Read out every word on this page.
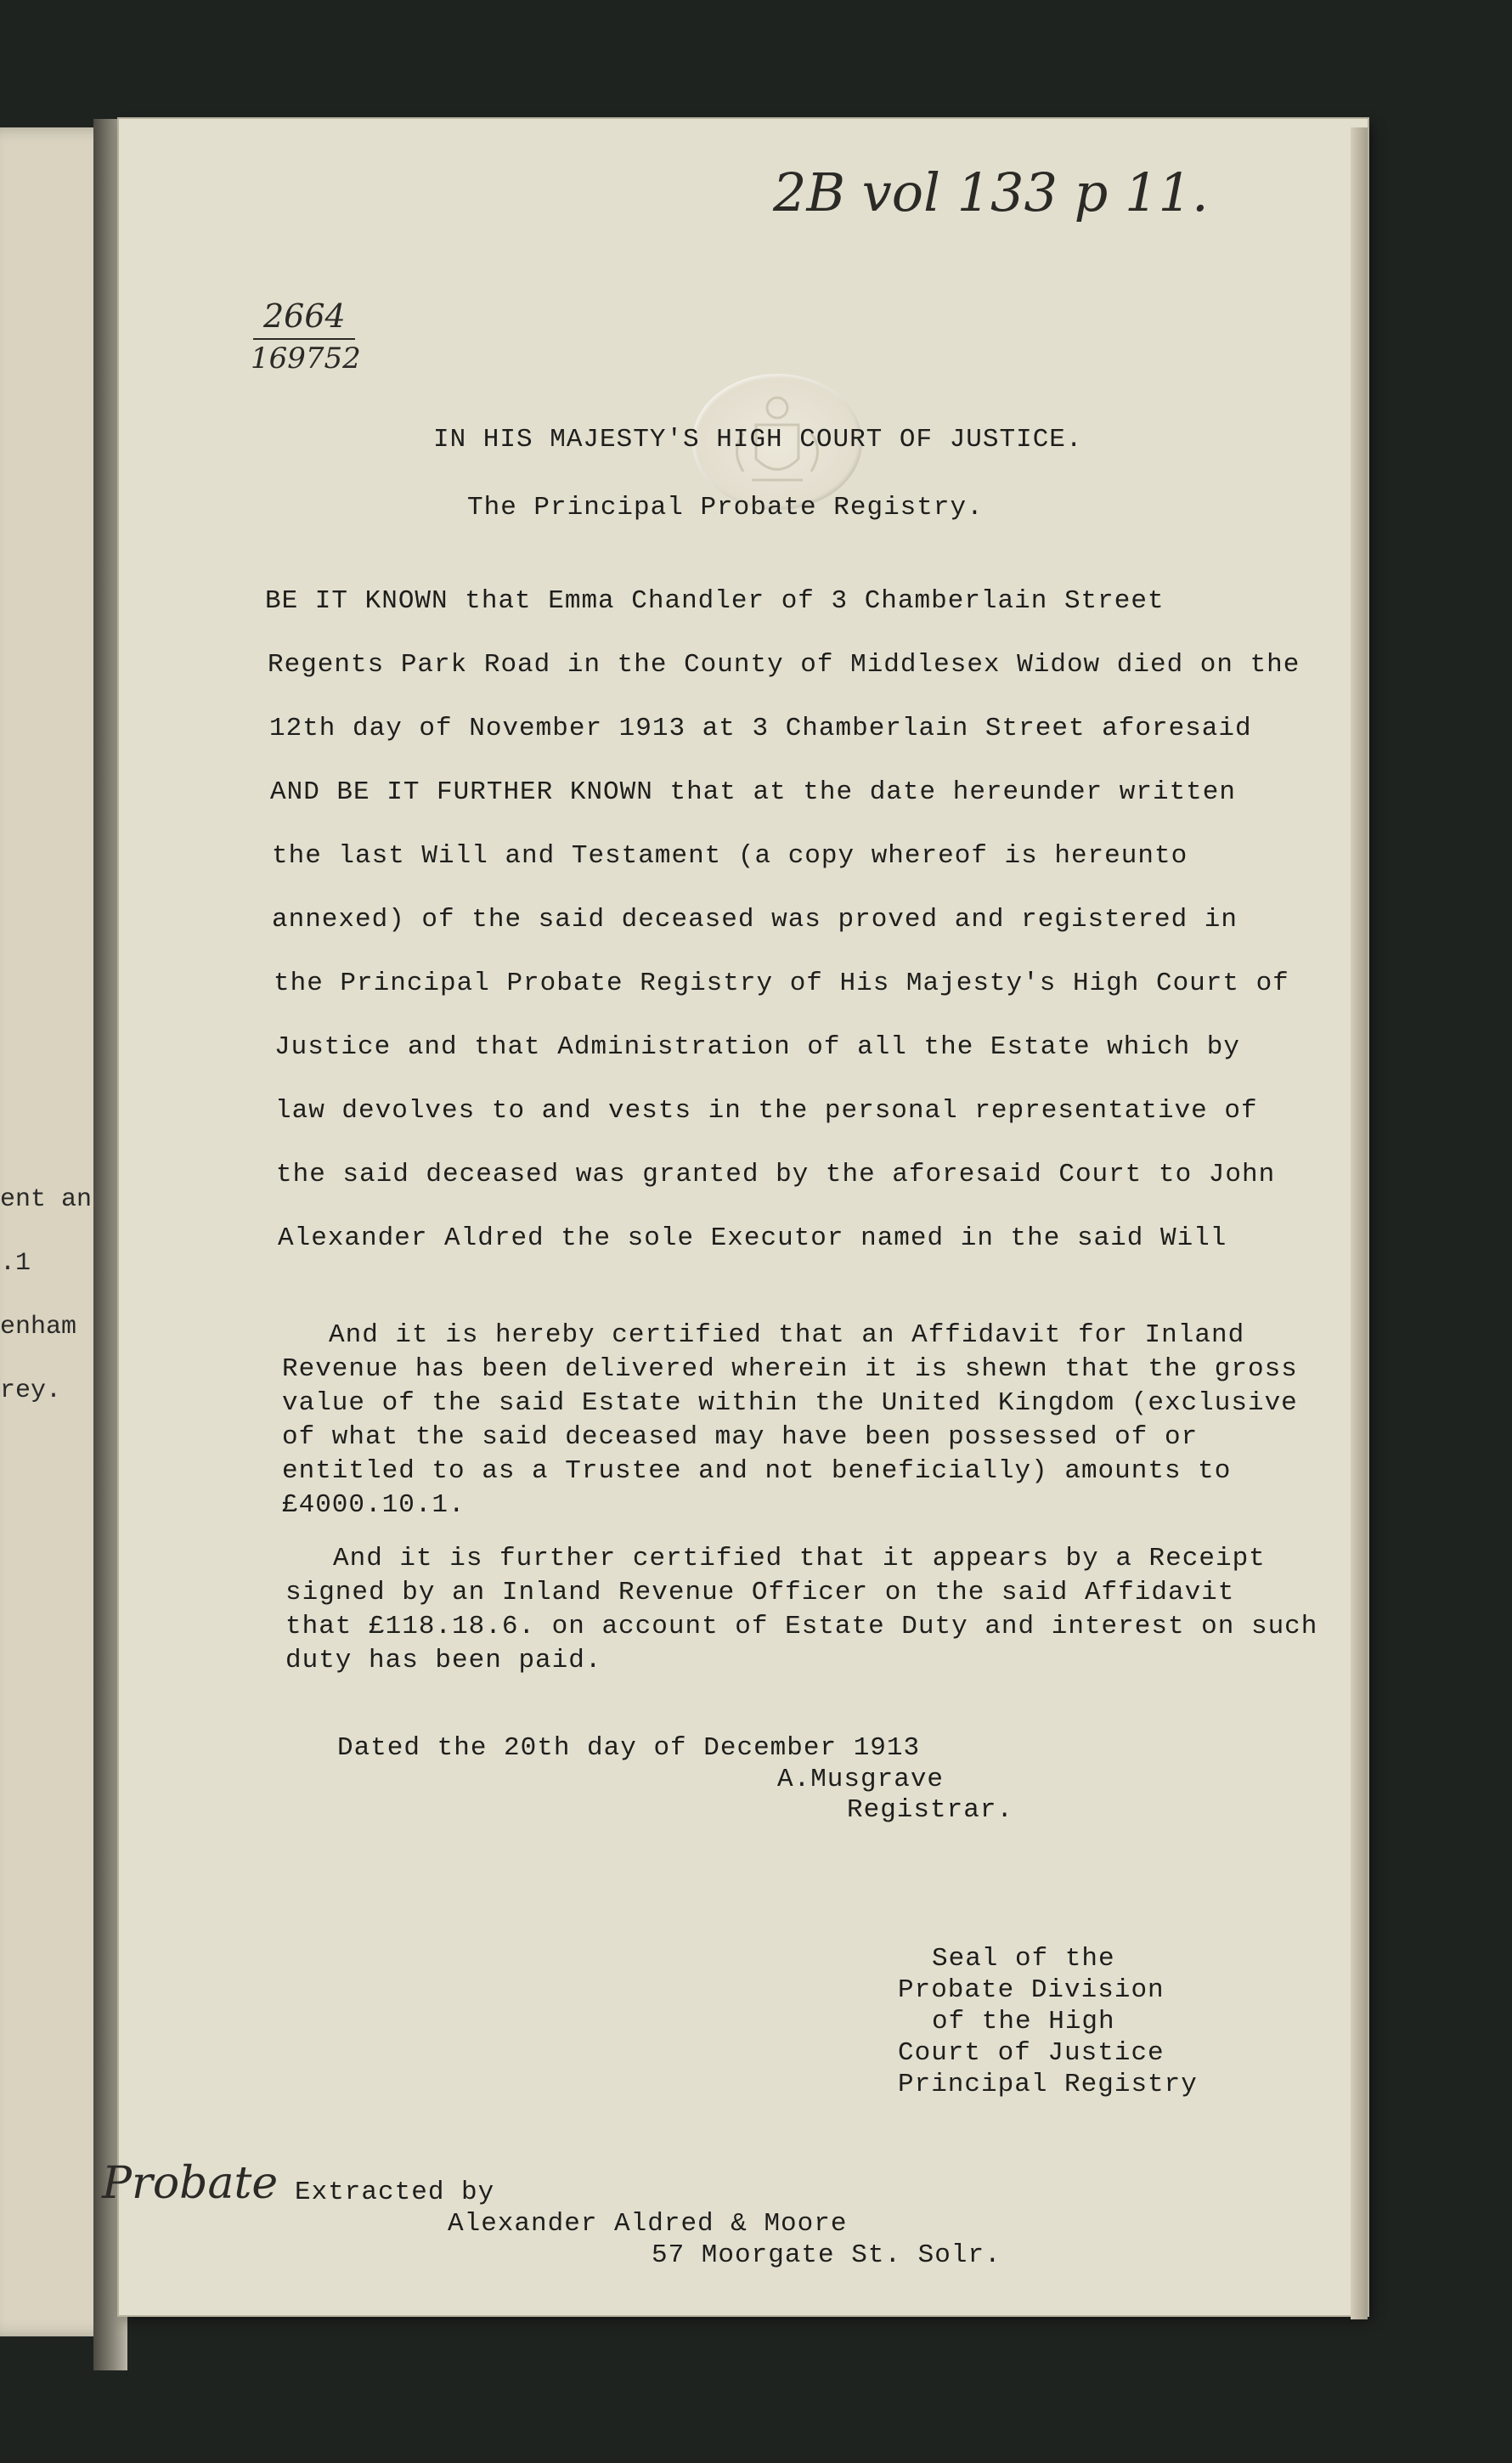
ent an
.1
enham
rey.
2B vol 133 p 11.
2664
169752
IN HIS MAJESTY'S HIGH COURT OF JUSTICE.
The Principal Probate Registry.
BE IT KNOWN that Emma Chandler of 3 Chamberlain Street
Regents Park Road in the County of Middlesex Widow died on the
12th day of November 1913 at 3 Chamberlain Street aforesaid
AND BE IT FURTHER KNOWN that at the date hereunder written
the last Will and Testament (a copy whereof is hereunto
annexed) of the said deceased was proved and registered in
the Principal Probate Registry of His Majesty's High Court of
Justice and that Administration of all the Estate which by
law devolves to and vests in the personal representative of
the said deceased was granted by the aforesaid Court to John
Alexander Aldred the sole Executor named in the said Will
And it is hereby certified that an Affidavit for Inland
Revenue has been delivered wherein it is shewn that the gross
value of the said Estate within the United Kingdom (exclusive
of what the said deceased may have been possessed of or
entitled to as a Trustee and not beneficially) amounts to
£4000.10.1.
And it is further certified that it appears by a Receipt
signed by an Inland Revenue Officer on the said Affidavit
that £118.18.6. on account of Estate Duty and interest on such
duty has been paid.
Dated the 20th day of December 1913
A.Musgrave
Registrar.
Seal of the
Probate Division
of the High
Court of Justice
Principal Registry
Probate Extracted by
Alexander Aldred & Moore
57 Moorgate St. Solr.
